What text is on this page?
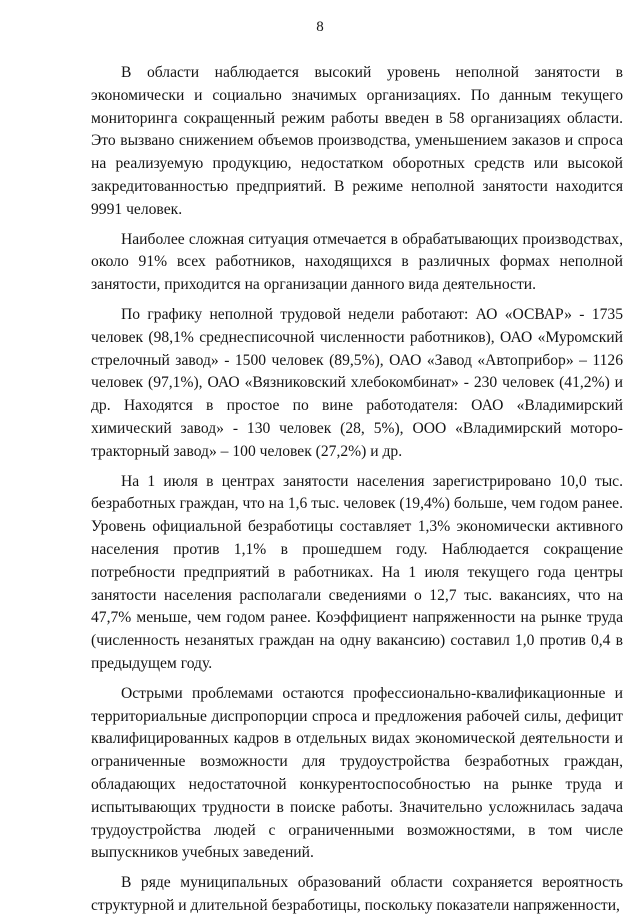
8

В области наблюдается высокий уровень неполной занятости в экономически и социально значимых организациях. По данным текущего мониторинга сокращенный режим работы введен в 58 организациях области. Это вызвано снижением объемов производства, уменьшением заказов и спроса на реализуемую продукцию, недостатком оборотных средств или высокой закредитованностью предприятий. В режиме неполной занятости находится 9991 человек.

Наиболее сложная ситуация отмечается в обрабатывающих производствах, около 91% всех работников, находящихся в различных формах неполной занятости, приходится на организации данного вида деятельности.

По графику неполной трудовой недели работают: АО «ОСВАР» - 1735 человек (98,1% среднесписочной численности работников), ОАО «Муромский стрелочный завод» - 1500 человек (89,5%), ОАО «Завод «Автоприбор» – 1126 человек (97,1%), ОАО «Вязниковский хлебокомбинат» - 230 человек (41,2%) и др. Находятся в простое по вине работодателя: ОАО «Владимирский химический завод» - 130 человек (28, 5%), ООО «Владимирский моторо-тракторный завод» – 100 человек (27,2%) и др.

На 1 июля в центрах занятости населения зарегистрировано 10,0 тыс. безработных граждан, что на 1,6 тыс. человек (19,4%) больше, чем годом ранее. Уровень официальной безработицы составляет 1,3% экономически активного населения против 1,1% в прошедшем году. Наблюдается сокращение потребности предприятий в работниках. На 1 июля текущего года центры занятости населения располагали сведениями о 12,7 тыс. вакансиях, что на 47,7% меньше, чем годом ранее. Коэффициент напряженности на рынке труда (численность незанятых граждан на одну вакансию) составил 1,0 против 0,4 в предыдущем году.

Острыми проблемами остаются профессионально-квалификационные и территориальные диспропорции спроса и предложения рабочей силы, дефицит квалифицированных кадров в отдельных видах экономической деятельности и ограниченные возможности для трудоустройства безработных граждан, обладающих недостаточной конкурентоспособностью на рынке труда и испытывающих трудности в поиске работы. Значительно усложнилась задача трудоустройства людей с ограниченными возможностями, в том числе выпускников учебных заведений.

В ряде муниципальных образований области сохраняется вероятность структурной и длительной безработицы, поскольку показатели напряженности,
